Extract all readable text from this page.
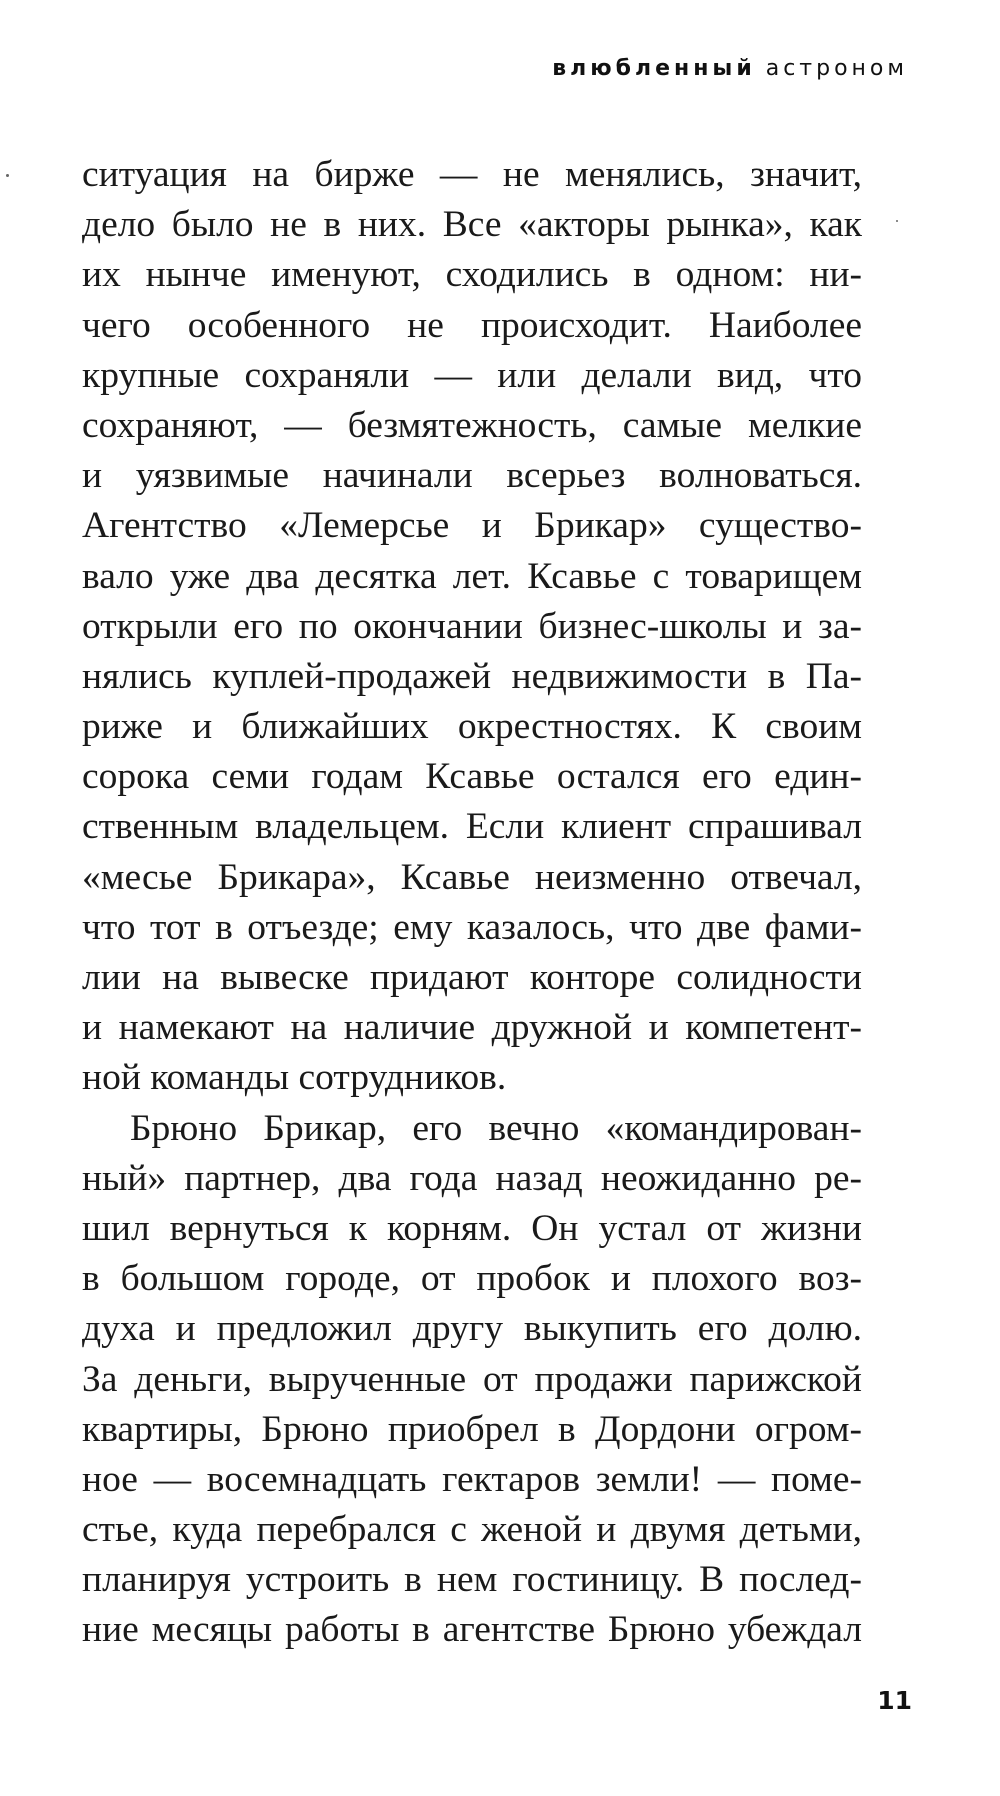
влюбленный астроном
ситуация на бирже — не менялись, значит,
дело было не в них. Все «акторы рынка», как
их нынче именуют, сходились в одном: ни-
чего особенного не происходит. Наиболее
крупные сохраняли — или делали вид, что
сохраняют, — безмятежность, самые мелкие
и уязвимые начинали всерьез волноваться.
Агентство «Лемерсье и Брикар» существо-
вало уже два десятка лет. Ксавье с товарищем
открыли его по окончании бизнес-школы и за-
нялись куплей-продажей недвижимости в Па-
риже и ближайших окрестностях. К своим
сорока семи годам Ксавье остался его един-
ственным владельцем. Если клиент спрашивал
«месье Брикара», Ксавье неизменно отвечал,
что тот в отъезде; ему казалось, что две фами-
лии на вывеске придают конторе солидности
и намекают на наличие дружной и компетент-
ной команды сотрудников.
Брюно Брикар, его вечно «командирован-
ный» партнер, два года назад неожиданно ре-
шил вернуться к корням. Он устал от жизни
в большом городе, от пробок и плохого воз-
духа и предложил другу выкупить его долю.
За деньги, вырученные от продажи парижской
квартиры, Брюно приобрел в Дордони огром-
ное — восемнадцать гектаров земли! — поме-
стье, куда перебрался с женой и двумя детьми,
планируя устроить в нем гостиницу. В послед-
ние месяцы работы в агентстве Брюно убеждал
11
